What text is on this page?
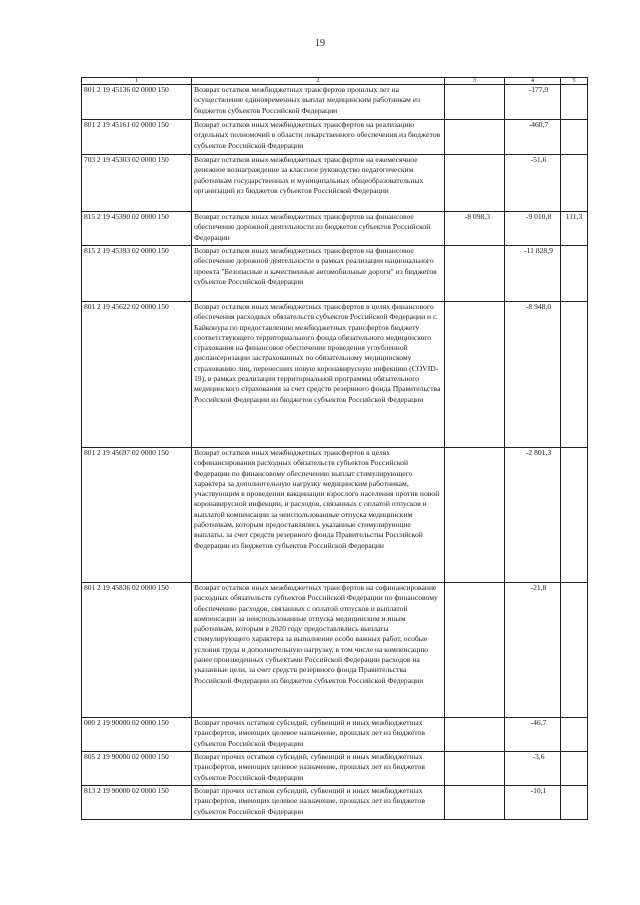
19
1	2	3	4	5
801 2 19 45136 02 0000 150	Возврат остатков межбюджетных трансфертов прошлых лет на осуществление единовременных выплат медицинским работникам из бюджетов субъектов Российской Федерации		-177,9	
801 2 19 45161 02 0000 150	Возврат остатков иных межбюджетных трансфертов на реализацию отдельных полномочий в области лекарственного обеспечения из бюджетов субъектов Российской Федерации		-460,7	
703 2 19 45303 02 0000 150	Возврат остатков иных межбюджетных трансфертов на ежемесячное денежное вознаграждение за классное руководство педагогическим работникам государственных и муниципальных общеобразовательных организаций из бюджетов субъектов Российской Федерации		-51,6	
815 2 19 45390 02 0000 150	Возврат остатков иных межбюджетных трансфертов на финансовое обеспечение дорожной деятельности из бюджетов субъектов Российской Федерации	-8 098,3	-9 010,8	111,3
815 2 19 45393 02 0000 150	Возврат остатков иных межбюджетных трансфертов на финансовое обеспечение дорожной деятельности в рамках реализации национального проекта "Безопасные и качественные автомобильные дороги" из бюджетов субъектов Российской Федерации		-11 828,9	
801 2 19 45622 02 0000 150	Возврат остатков иных межбюджетных трансфертов в целях финансового обеспечения расходных обязательств субъектов Российской Федерации и г. Байконура по предоставлению межбюджетных трансфертов бюджету соответствующего территориального фонда обязательного медицинского страхования на финансовое обеспечение проведения углубленной диспансеризации застрахованных по обязательному медицинскому страхованию лиц, перенесших новую коронавирусную инфекцию (COVID-19), в рамках реализации территориальной программы обязательного медицинского страхования за счет средств резервного фонда Правительства Российской Федерации из бюджетов субъектов Российской Федерации		-8 948,0	
801 2 19 45697 02 0000 150	Возврат остатков иных межбюджетных трансфертов в целях софинансирования расходных обязательств субъектов Российской Федерации по финансовому обеспечению выплат стимулирующего характера за дополнительную нагрузку медицинским работникам, участвующим в проведении вакцинации взрослого населения против новой коронавирусной инфекции, и расходов, связанных с оплатой отпусков и выплатой компенсации за неиспользованные отпуска медицинским работникам, которым предоставлялись указанные стимулирующие выплаты, за счет средств резервного фонда Правительства Российской Федерации из бюджетов субъектов Российской Федерации		-2 801,3	
801 2 19 45836 02 0000 150	Возврат остатков иных межбюджетных трансфертов на софинансирование расходных обязательств субъектов Российской Федерации по финансовому обеспечению расходов, связанных с оплатой отпусков и выплатой компенсации за неиспользованные отпуска медицинским и иным работникам, которым в 2020 году предоставлялись выплаты стимулирующего характера за выполнение особо важных работ, особые условия труда и дополнительную нагрузку, в том числе на компенсацию ранее произведенных субъектами Российской Федерации расходов на указанные цели, за счет средств резервного фонда Правительства Российской Федерации из бюджетов субъектов Российской Федерации		-21,8	
000 2 19 90000 02 0000 150	Возврат прочих остатков субсидий, субвенций и иных межбюджетных трансфертов, имеющих целевое назначение, прошлых лет из бюджетов субъектов Российской Федерации		-46,7	
805 2 19 90000 02 0000 150	Возврат прочих остатков субсидий, субвенций и иных межбюджетных трансфертов, имеющих целевое назначение, прошлых лет из бюджетов субъектов Российской Федерации		-3,6	
813 2 19 90000 02 0000 150	Возврат прочих остатков субсидий, субвенций и иных межбюджетных трансфертов, имеющих целевое назначение, прошлых лет из бюджетов субъектов Российской Федерации		-10,1	
